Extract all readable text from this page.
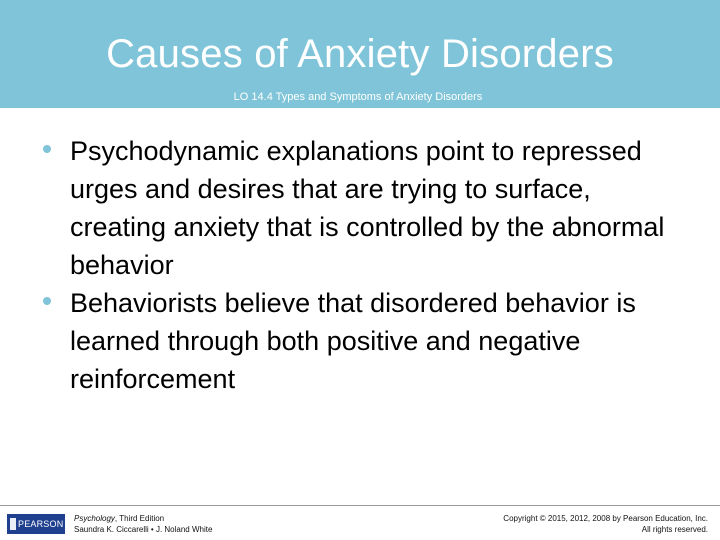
Causes of Anxiety Disorders
LO 14.4 Types and Symptoms of Anxiety Disorders
Psychodynamic explanations point to repressed urges and desires that are trying to surface, creating anxiety that is controlled by the abnormal behavior
Behaviorists believe that disordered behavior is learned through both positive and negative reinforcement
PEARSON
Psychology, Third Edition
Saundra K. Ciccarelli • J. Noland White
Copyright © 2015, 2012, 2008 by Pearson Education, Inc.
All rights reserved.
